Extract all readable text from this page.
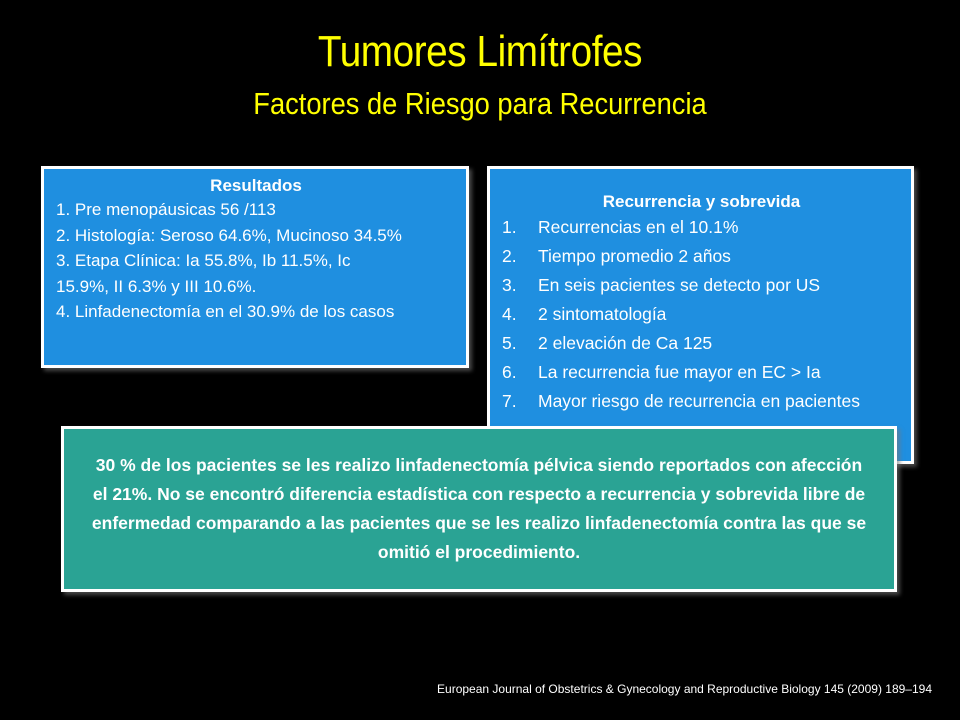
Tumores Limítrofes
Factores de Riesgo para Recurrencia
Resultados
1. Pre menopáusicas 56 /113
2. Histología: Seroso 64.6%, Mucinoso 34.5%
3. Etapa Clínica: Ia 55.8%, Ib 11.5%, Ic
15.9%, II 6.3% y III 10.6%.
4. Linfadenectomía en el 30.9% de los casos
Recurrencia y sobrevida
1.	Recurrencias en el 10.1%
2.	Tiempo promedio 2 años
3.	En seis pacientes se detecto por US
4.	2 sintomatología
5.	2 elevación de Ca 125
6.	La recurrencia fue mayor en EC > Ia
7.	Mayor riesgo de recurrencia en pacientes

30 % de los pacientes se les realizo linfadenectomía pélvica siendo reportados con afección el 21%. No se encontró diferencia estadística con respecto a recurrencia y sobrevida libre de enfermedad comparando a las pacientes que se les realizo linfadenectomía contra las que se omitió el procedimiento.

European Journal of Obstetrics & Gynecology and Reproductive Biology 145 (2009) 189–194
